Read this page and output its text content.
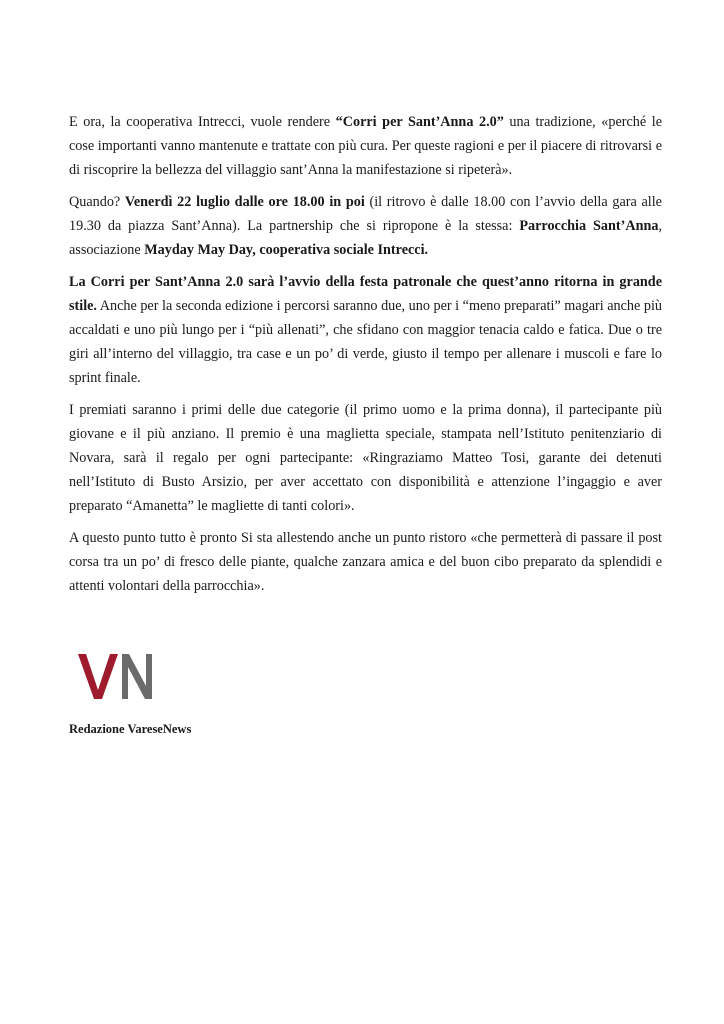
E ora, la cooperativa Intrecci, vuole rendere “Corri per Sant’Anna 2.0” una tradizione, «perché le cose importanti vanno mantenute e trattate con più cura. Per queste ragioni e per il piacere di ritrovarsi e di riscoprire la bellezza del villaggio sant’Anna la manifestazione si ripeterà».

Quando? Venerdì 22 luglio dalle ore 18.00 in poi (il ritrovo è dalle 18.00 con l’avvio della gara alle 19.30 da piazza Sant’Anna). La partnership che si ripropone è la stessa: Parrocchia Sant’Anna, associazione Mayday May Day, cooperativa sociale Intrecci.

La Corri per Sant’Anna 2.0 sarà l’avvio della festa patronale che quest’anno ritorna in grande stile. Anche per la seconda edizione i percorsi saranno due, uno per i “meno preparati” magari anche più accaldati e uno più lungo per i “più allenati”, che sfidano con maggior tenacia caldo e fatica. Due o tre giri all’interno del villaggio, tra case e un po’ di verde, giusto il tempo per allenare i muscoli e fare lo sprint finale.

I premiati saranno i primi delle due categorie (il primo uomo e la prima donna), il partecipante più giovane e il più anziano. Il premio è una maglietta speciale, stampata nell’Istituto penitenziario di Novara, sarà il regalo per ogni partecipante: «Ringraziamo Matteo Tosi, garante dei detenuti nell’Istituto di Busto Arsizio, per aver accettato con disponibilità e attenzione l’ingaggio e aver preparato “Amanetta” le magliette di tanti colori».

A questo punto tutto è pronto Si sta allestendo anche un punto ristoro «che permetterà di passare il post corsa tra un po’ di fresco delle piante, qualche zanzara amica e del buon cibo preparato da splendidi e attenti volontari della parrocchia».

Redazione VareseNews
